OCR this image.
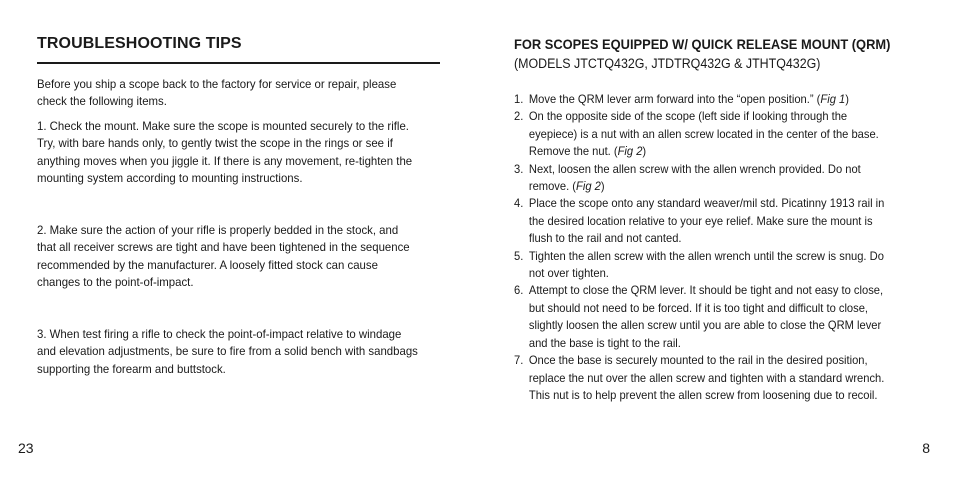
TROUBLESHOOTING TIPS
Before you ship a scope back to the factory for service or repair, please
check the following items.
1. Check the mount. Make sure the scope is mounted securely to the rifle.
Try, with bare hands only, to gently twist the scope in the rings or see if
anything moves when you jiggle it. If there is any movement, re-tighten the
mounting system according to mounting instructions.
2. Make sure the action of your rifle is properly bedded in the stock, and
that all receiver screws are tight and have been tightened in the sequence
recommended by the manufacturer. A loosely fitted stock can cause
changes to the point-of-impact.
3. When test firing a rifle to check the point-of-impact relative to windage
and elevation adjustments, be sure to fire from a solid bench with sandbags
supporting the forearm and buttstock.
23
FOR SCOPES EQUIPPED W/ QUICK RELEASE MOUNT (QRM)
(MODELS JTCTQ432G, JTDTRQ432G & JTHTQ432G)
1. Move the QRM lever arm forward into the “open position.” (Fig 1)
2. On the opposite side of the scope (left side if looking through the
eyepiece) is a nut with an allen screw located in the center of the base.
Remove the nut. (Fig 2)
3. Next, loosen the allen screw with the allen wrench provided. Do not
remove. (Fig 2)
4. Place the scope onto any standard weaver/mil std. Picatinny 1913 rail in
the desired location relative to your eye relief. Make sure the mount is
flush to the rail and not canted.
5. Tighten the allen screw with the allen wrench until the screw is snug. Do
not over tighten.
6. Attempt to close the QRM lever. It should be tight and not easy to close,
but should not need to be forced. If it is too tight and difficult to close,
slightly loosen the allen screw until you are able to close the QRM lever
and the base is tight to the rail.
7. Once the base is securely mounted to the rail in the desired position,
replace the nut over the allen screw and tighten with a standard wrench.
This nut is to help prevent the allen screw from loosening due to recoil.
8
